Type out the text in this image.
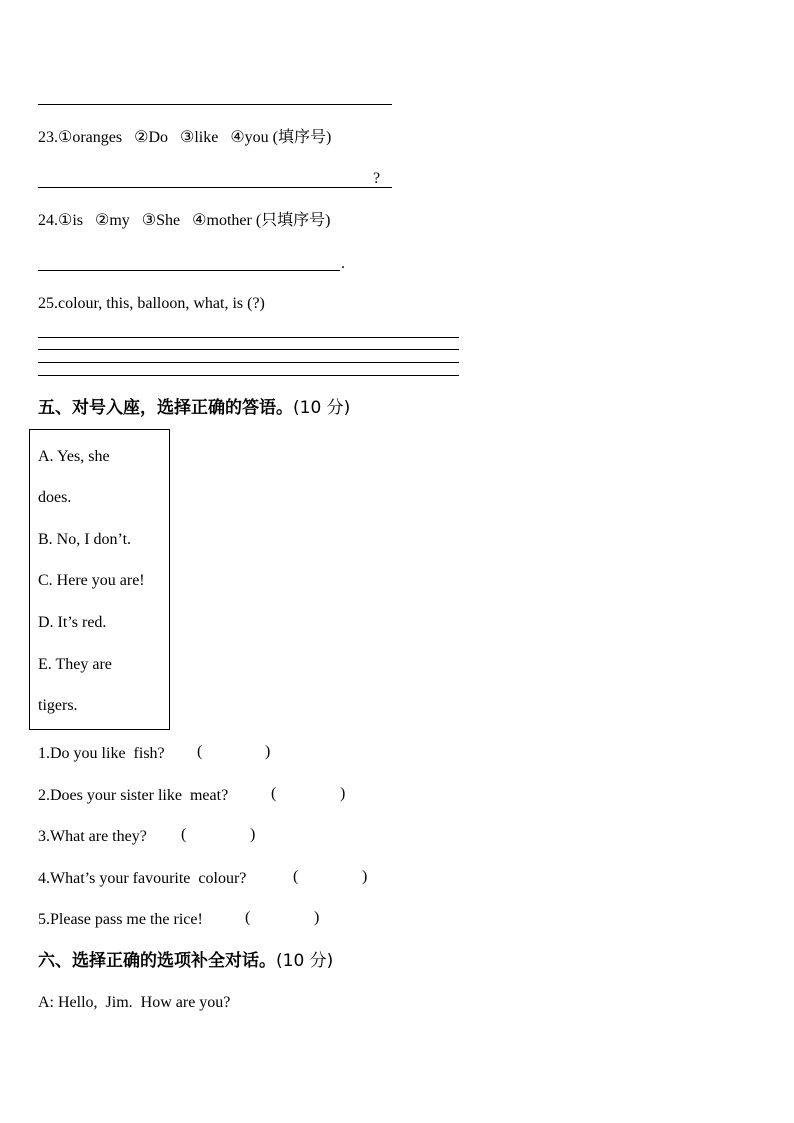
23.①oranges   ②Do   ③like   ④you (填序号)
?
24.①is   ②my   ③She   ④mother (只填序号)
.
25.colour, this, balloon, what, is (?)
五、对号入座，选择正确的答语。(10 分)
A. Yes, she
does.
B. No, I don’t.
C. Here you are!
D. It’s red.
E. They are
tigers.
1.Do you like  fish? (	)
2.Does your sister like  meat?	(	)
3.What are they? (	)
4.What’s your favourite  colour?	(	)
5.Please pass me the rice!	(	)
六、选择正确的选项补全对话。(10 分)
A: Hello,  Jim.  How are you?
